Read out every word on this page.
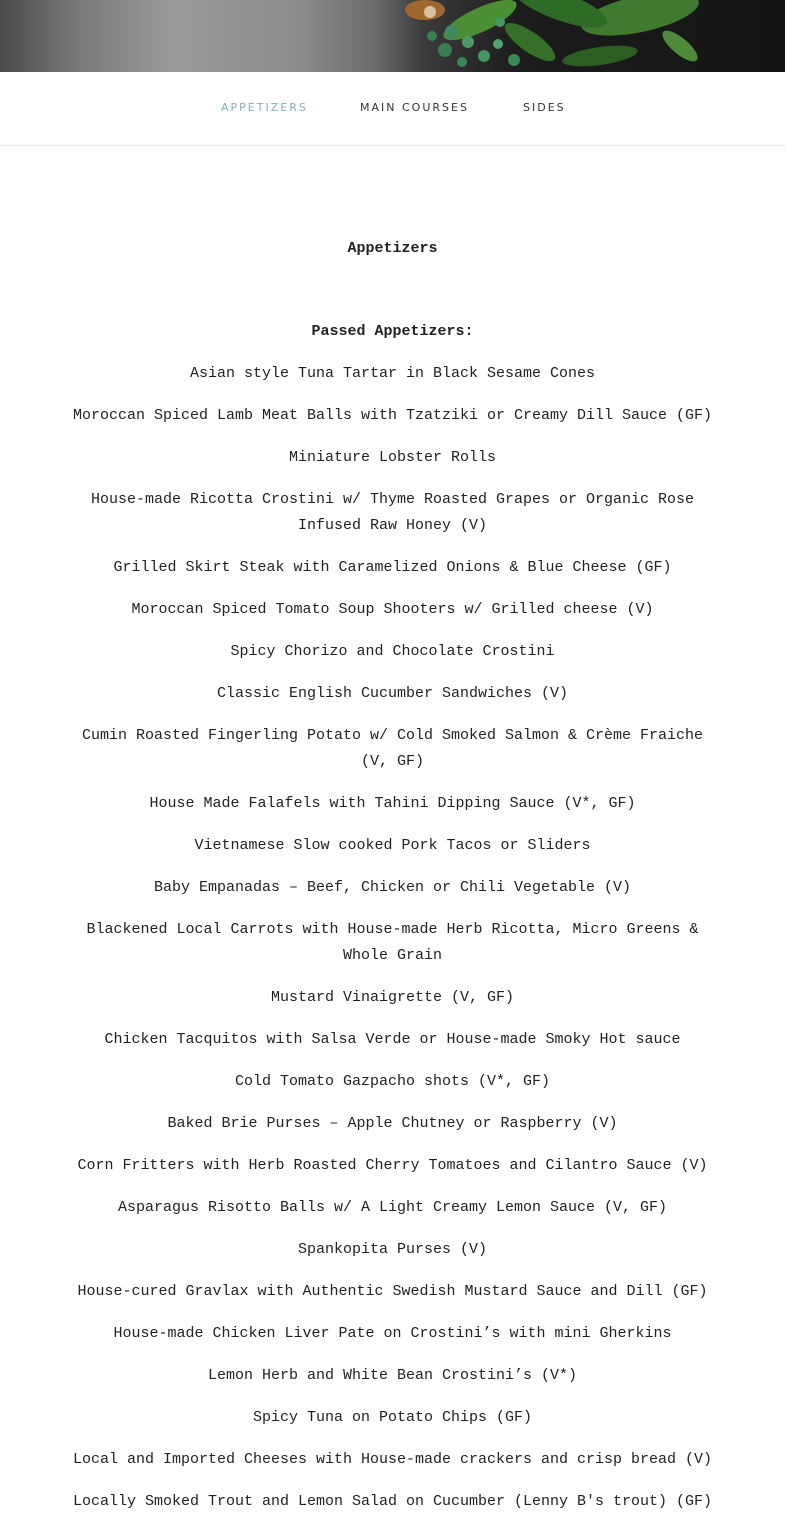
APPETIZERS	MAIN COURSES	SIDES
Appetizers
Passed Appetizers:
Asian style Tuna Tartar in Black Sesame Cones
Moroccan Spiced Lamb Meat Balls with Tzatziki or Creamy Dill Sauce (GF)
Miniature Lobster Rolls
House-made Ricotta Crostini w/ Thyme Roasted Grapes or Organic Rose Infused Raw Honey (V)
Grilled Skirt Steak with Caramelized Onions & Blue Cheese (GF)
Moroccan Spiced Tomato Soup Shooters w/ Grilled cheese (V)
Spicy Chorizo and Chocolate Crostini
Classic English Cucumber Sandwiches (V)
Cumin Roasted Fingerling Potato w/ Cold Smoked Salmon & Crème Fraiche (V, GF)
House Made Falafels with Tahini Dipping Sauce (V*, GF)
Vietnamese Slow cooked Pork Tacos or Sliders
Baby Empanadas – Beef, Chicken or Chili Vegetable (V)
Blackened Local Carrots with House-made Herb Ricotta, Micro Greens & Whole Grain
Mustard Vinaigrette (V, GF)
Chicken Tacquitos with Salsa Verde or House-made Smoky Hot sauce
Cold Tomato Gazpacho shots (V*, GF)
Baked Brie Purses – Apple Chutney or Raspberry (V)
Corn Fritters with Herb Roasted Cherry Tomatoes and Cilantro Sauce (V)
Asparagus Risotto Balls w/ A Light Creamy Lemon Sauce (V, GF)
Spankopita Purses (V)
House-cured Gravlax with Authentic Swedish Mustard Sauce and Dill (GF)
House-made Chicken Liver Pate on Crostini’s with mini Gherkins
Lemon Herb and White Bean Crostini’s (V*)
Spicy Tuna on Potato Chips (GF)
Local and Imported Cheeses with House-made crackers and crisp bread (V)
Locally Smoked Trout and Lemon Salad on Cucumber (Lenny B's trout) (GF)
